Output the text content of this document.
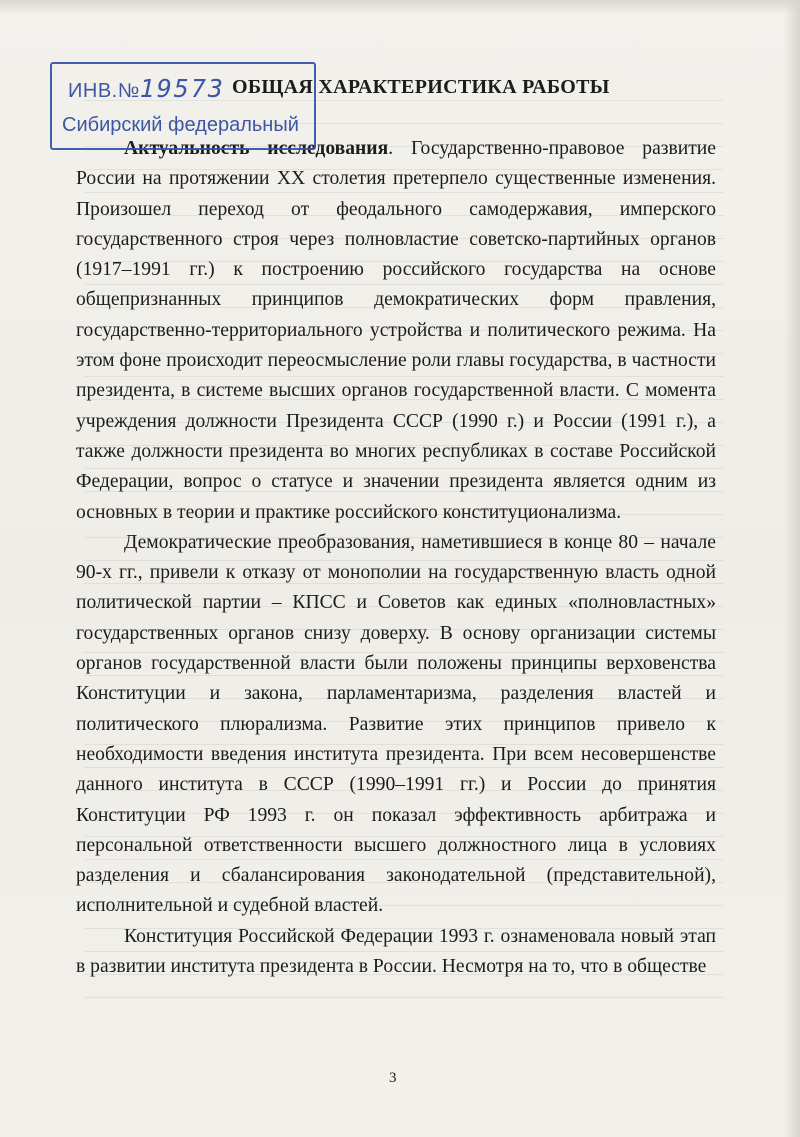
ИНВ.№19573
Сибирский федеральный
ОБЩАЯ ХАРАКТЕРИСТИКА РАБОТЫ

Актуальность исследования. Государственно-правовое развитие России на протяжении XX столетия претерпело существенные изменения. Произошел переход от феодального самодержавия, имперского государственного строя через полновластие советско-партийных органов (1917–1991 гг.) к построению российского государства на основе общепризнанных принципов демократических форм правления, государственно-территориального устройства и политического режима. На этом фоне происходит переосмысление роли главы государства, в частности президента, в системе высших органов государственной власти. С момента учреждения должности Президента СССР (1990 г.) и России (1991 г.), а также должности президента во многих республиках в составе Российской Федерации, вопрос о статусе и значении президента является одним из основных в теории и практике российского конституционализма.

Демократические преобразования, наметившиеся в конце 80 – начале 90-х гг., привели к отказу от монополии на государственную власть одной политической партии – КПСС и Советов как единых «полновластных» государственных органов снизу доверху. В основу организации системы органов государственной власти были положены принципы верховенства Конституции и закона, парламентаризма, разделения властей и политического плюрализма. Развитие этих принципов привело к необходимости введения института президента. При всем несовершенстве данного института в СССР (1990–1991 гг.) и России до принятия Конституции РФ 1993 г. он показал эффективность арбитража и персональной ответственности высшего должностного лица в условиях разделения и сбалансирования законодательной (представительной), исполнительной и судебной властей.

Конституция Российской Федерации 1993 г. ознаменовала новый этап в развитии института президента в России. Несмотря на то, что в обществе

3
